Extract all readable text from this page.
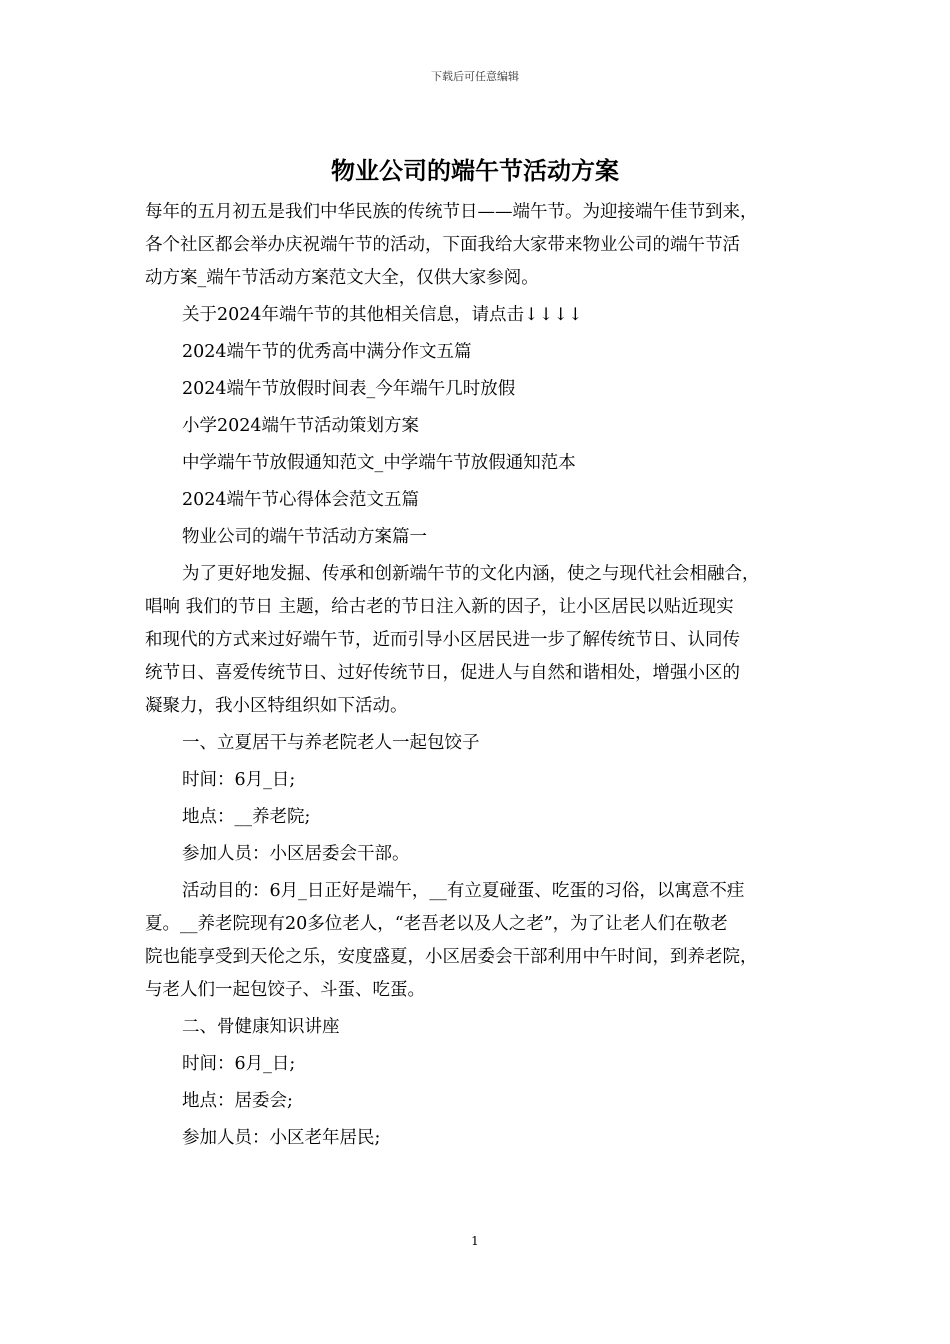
下载后可任意编辑
物业公司的端午节活动方案

每年的五月初五是我们中华民族的传统节日——端午节。为迎接端午佳节到来，
各个社区都会举办庆祝端午节的活动，下面我给大家带来物业公司的端午节活
动方案_端午节活动方案范文大全，仅供大家参阅。

关于2024年端午节的其他相关信息，请点击↓↓↓↓

2024端午节的优秀高中满分作文五篇

2024端午节放假时间表_今年端午几时放假

小学2024端午节活动策划方案

中学端午节放假通知范文_中学端午节放假通知范本

2024端午节心得体会范文五篇

物业公司的端午节活动方案篇一

为了更好地发掘、传承和创新端午节的文化内涵，使之与现代社会相融合，
唱响 我们的节日 主题，给古老的节日注入新的因子，让小区居民以贴近现实
和现代的方式来过好端午节，近而引导小区居民进一步了解传统节日、认同传
统节日、喜爱传统节日、过好传统节日，促进人与自然和谐相处，增强小区的
凝聚力，我小区特组织如下活动。

一、立夏居干与养老院老人一起包饺子

时间：6月_日;

地点：__养老院;

参加人员：小区居委会干部。

活动目的：6月_日正好是端午，__有立夏碰蛋、吃蛋的习俗，以寓意不疰
夏。__养老院现有20多位老人，“老吾老以及人之老”，为了让老人们在敬老
院也能享受到天伦之乐，安度盛夏，小区居委会干部利用中午时间，到养老院，
与老人们一起包饺子、斗蛋、吃蛋。

二、骨健康知识讲座

时间：6月_日;

地点：居委会;

参加人员：小区老年居民;

1
